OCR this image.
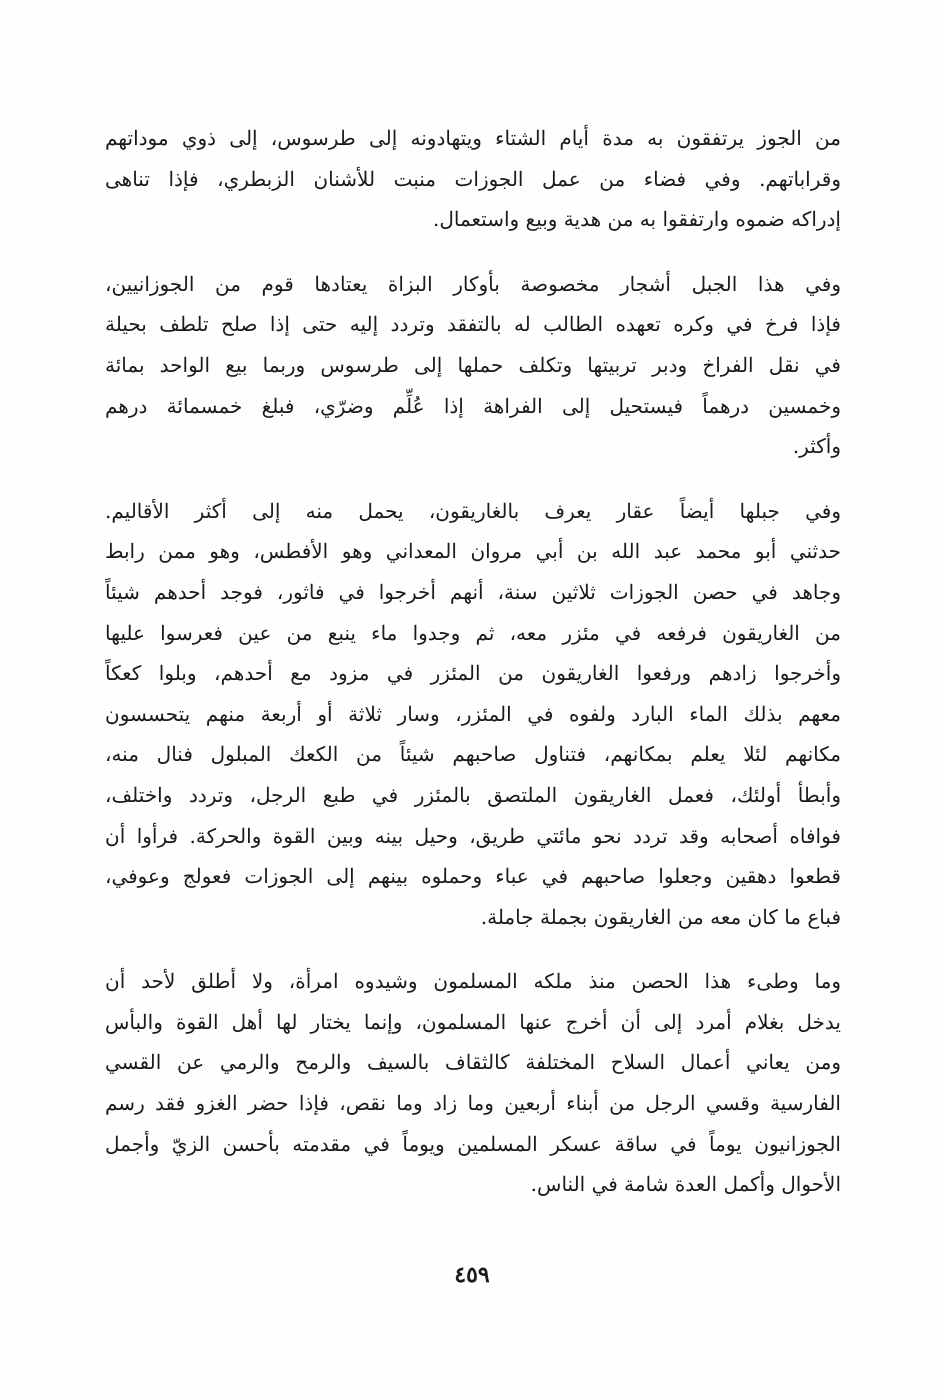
من الجوز يرتفقون به مدة أيام الشتاء ويتهادونه إلى طرسوس، إلى ذوي موداتهم
وقراباتهم. وفي فضاء من عمل الجوزات منبت للأشنان الزبطري، فإذا تناهى
إدراكه ضموه وارتفقوا به من هدية وبيع واستعمال.
وفي هذا الجبل أشجار مخصوصة بأوكار البزاة يعتادها قوم من الجوزانيين،
فإذا فرخ في وكره تعهده الطالب له بالتفقد وتردد إليه حتى إذا صلح تلطف بحيلة
في نقل الفراخ ودبر تربيتها وتكلف حملها إلى طرسوس وربما بيع الواحد بمائة
وخمسين درهماً فيستحيل إلى الفراهة إذا عُلِّم وضرّي، فبلغ خمسمائة درهم
وأكثر.
وفي جبلها أيضاً عقار يعرف بالغاريقون، يحمل منه إلى أكثر الأقاليم.
حدثني أبو محمد عبد الله بن أبي مروان المعداني وهو الأفطس، وهو ممن رابط
وجاهد في حصن الجوزات ثلاثين سنة، أنهم أخرجوا في فاثور، فوجد أحدهم شيئاً
من الغاريقون فرفعه في مئزر معه، ثم وجدوا ماء ينبع من عين فعرسوا عليها
وأخرجوا زادهم ورفعوا الغاريقون من المئزر في مزود مع أحدهم، وبلوا كعكاً
معهم بذلك الماء البارد ولفوه في المئزر، وسار ثلاثة أو أربعة منهم يتحسسون
مكانهم لئلا يعلم بمكانهم، فتناول صاحبهم شيئاً من الكعك المبلول فنال منه،
وأبطأ أولئك، فعمل الغاريقون الملتصق بالمئزر في طبع الرجل، وتردد واختلف،
فوافاه أصحابه وقد تردد نحو مائتي طريق، وحيل بينه وبين القوة والحركة. فرأوا أن
قطعوا دهقين وجعلوا صاحبهم في عباء وحملوه بينهم إلى الجوزات فعولج وعوفي،
فباع ما كان معه من الغاريقون بجملة جاملة.
وما وطىء هذا الحصن منذ ملكه المسلمون وشيدوه امرأة، ولا أطلق لأحد أن
يدخل بغلام أمرد إلى أن أخرج عنها المسلمون، وإنما يختار لها أهل القوة والبأس
ومن يعاني أعمال السلاح المختلفة كالثقاف بالسيف والرمح والرمي عن القسي
الفارسية وقسي الرجل من أبناء أربعين وما زاد وما نقص، فإذا حضر الغزو فقد رسم
الجوزانيون يوماً في ساقة عسكر المسلمين ويوماً في مقدمته بأحسن الزيّ وأجمل
الأحوال وأكمل العدة شامة في الناس.
٤٥٩
